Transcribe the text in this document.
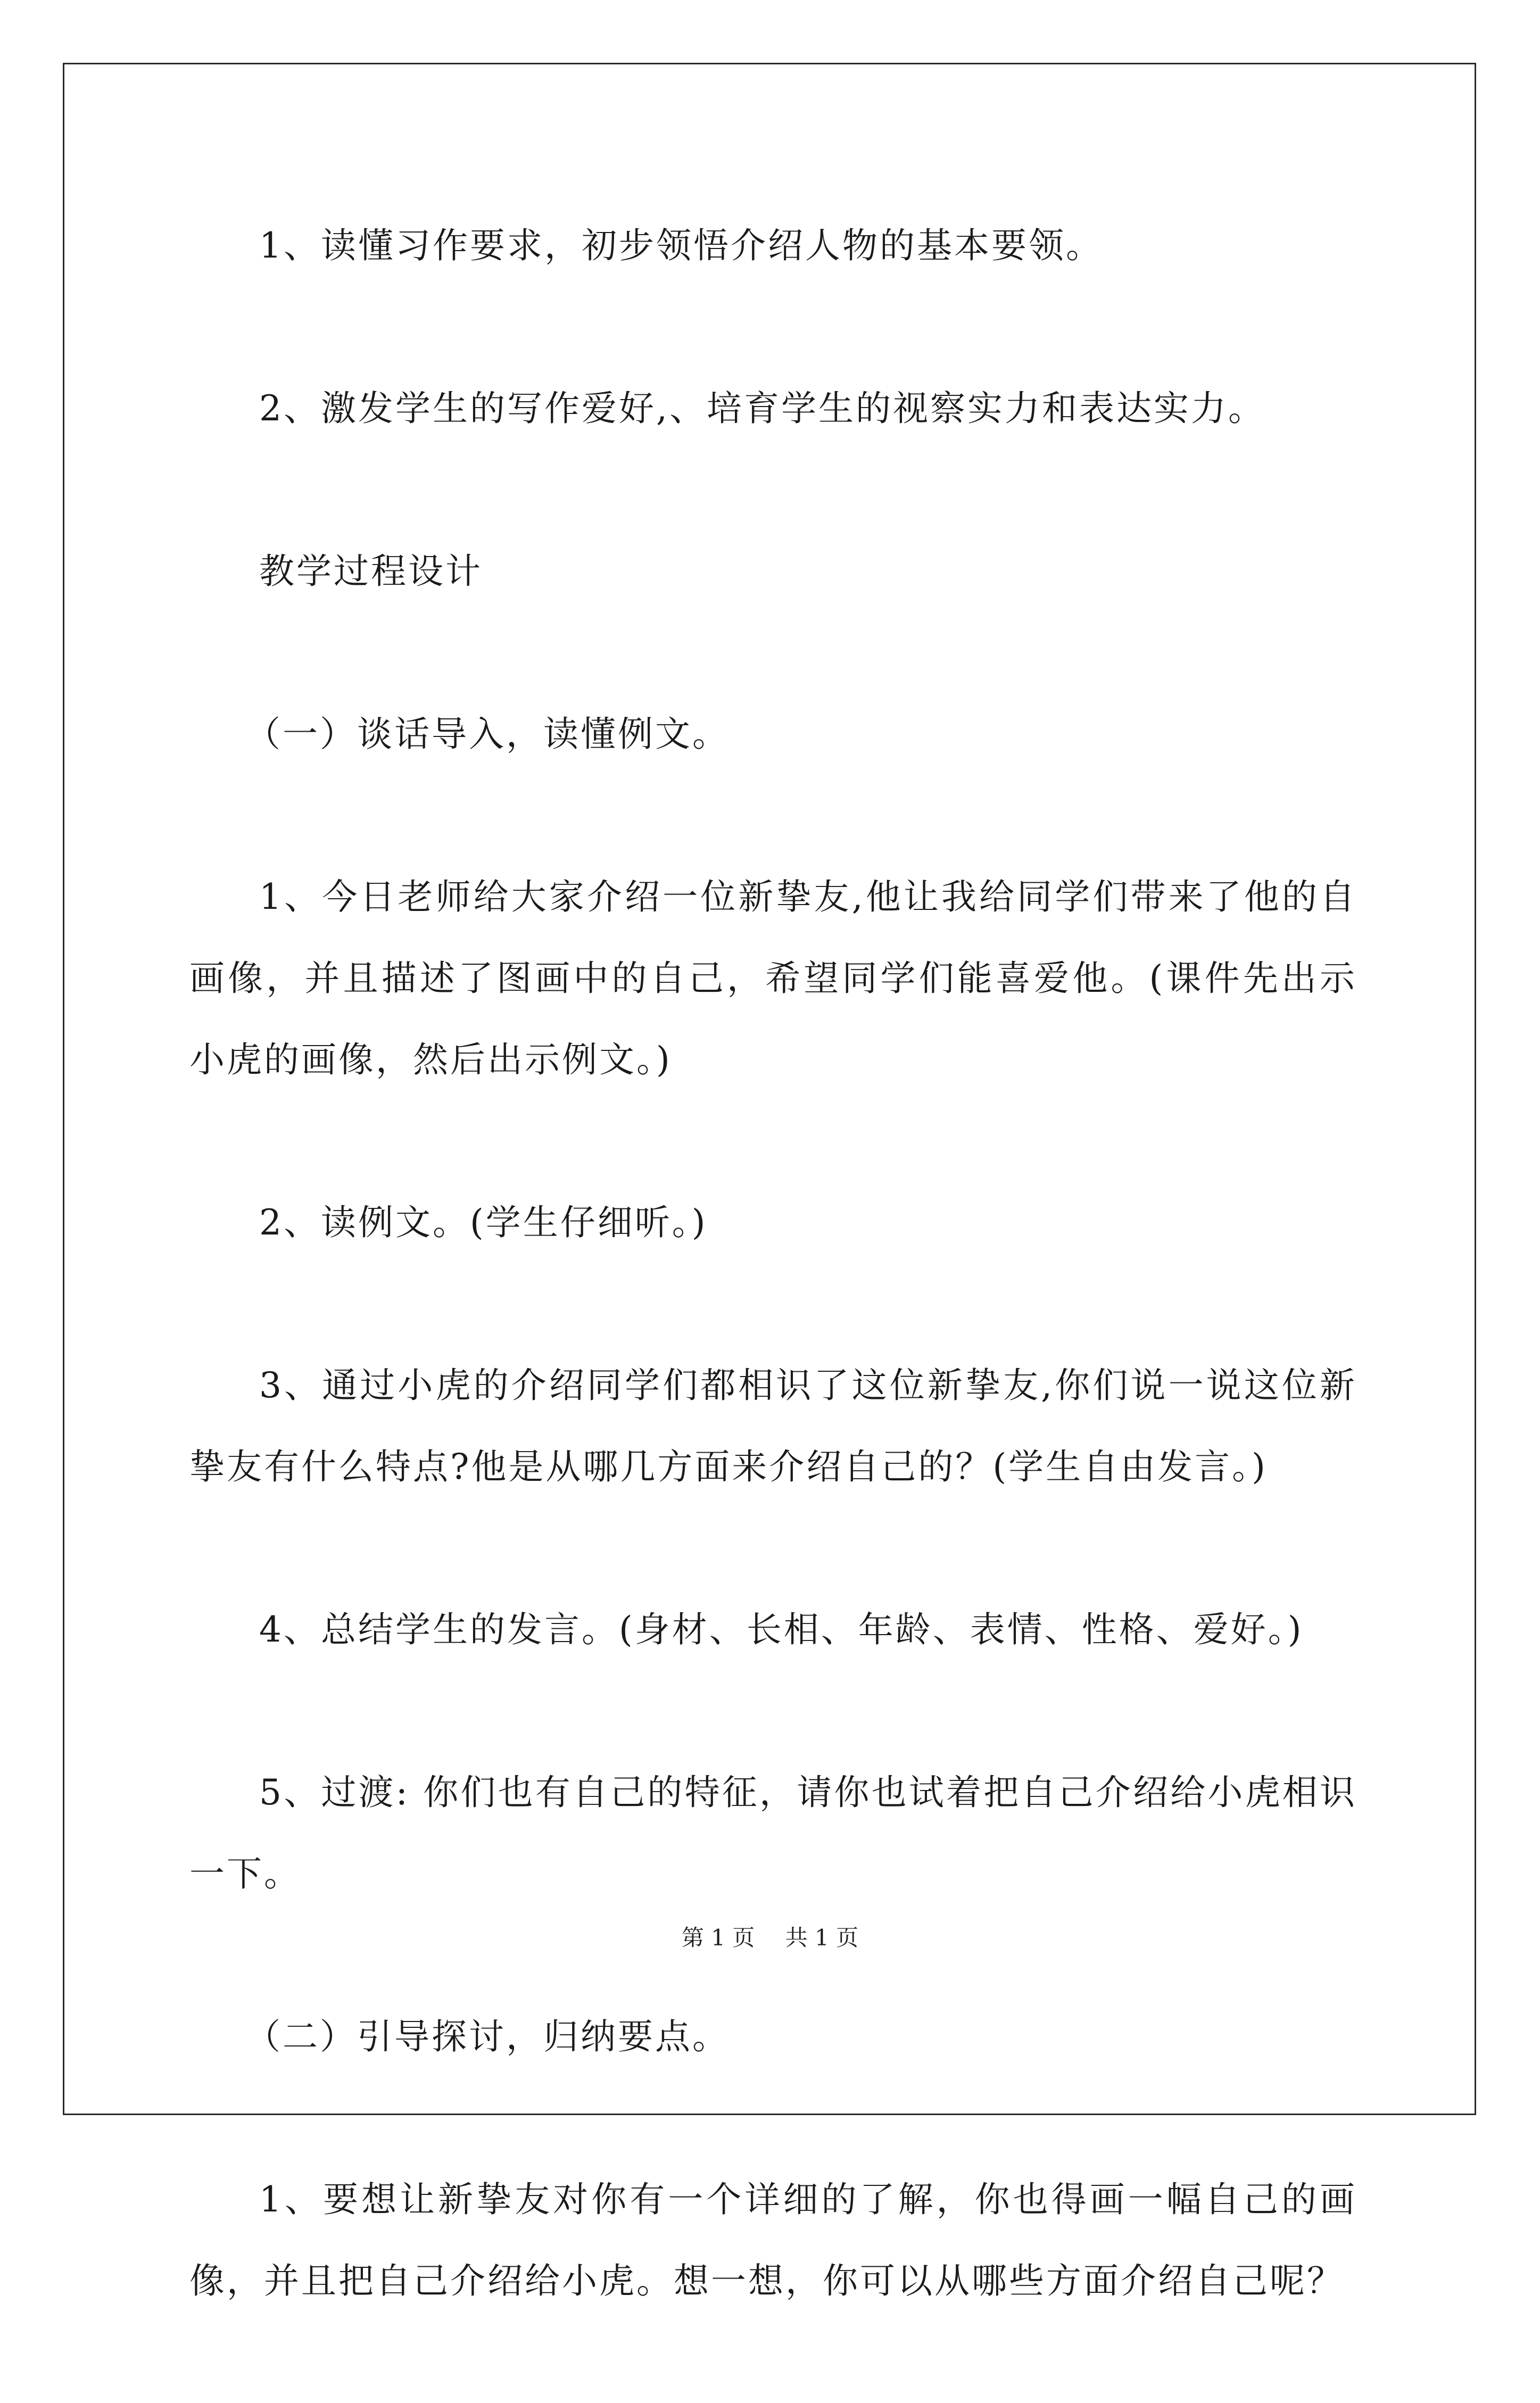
1、读懂习作要求，初步领悟介绍人物的基本要领。

2、激发学生的写作爱好,、培育学生的视察实力和表达实力。

教学过程设计

（一）谈话导入，读懂例文。

1、今日老师给大家介绍一位新挚友,他让我给同学们带来了他的自画像，并且描述了图画中的自己，希望同学们能喜爱他。(课件先出示小虎的画像，然后出示例文。)

2、读例文。(学生仔细听。)

3、通过小虎的介绍同学们都相识了这位新挚友,你们说一说这位新挚友有什么特点?他是从哪几方面来介绍自己的？(学生自由发言。)

4、总结学生的发言。(身材、长相、年龄、表情、性格、爱好。)

5、过渡: 你们也有自己的特征，请你也试着把自己介绍给小虎相识一下。

（二）引导探讨，归纳要点。

1、要想让新挚友对你有一个详细的了解，你也得画一幅自己的画像，并且把自己介绍给小虎。想一想，你可以从哪些方面介绍自己呢？

第 1 页 共 1 页
